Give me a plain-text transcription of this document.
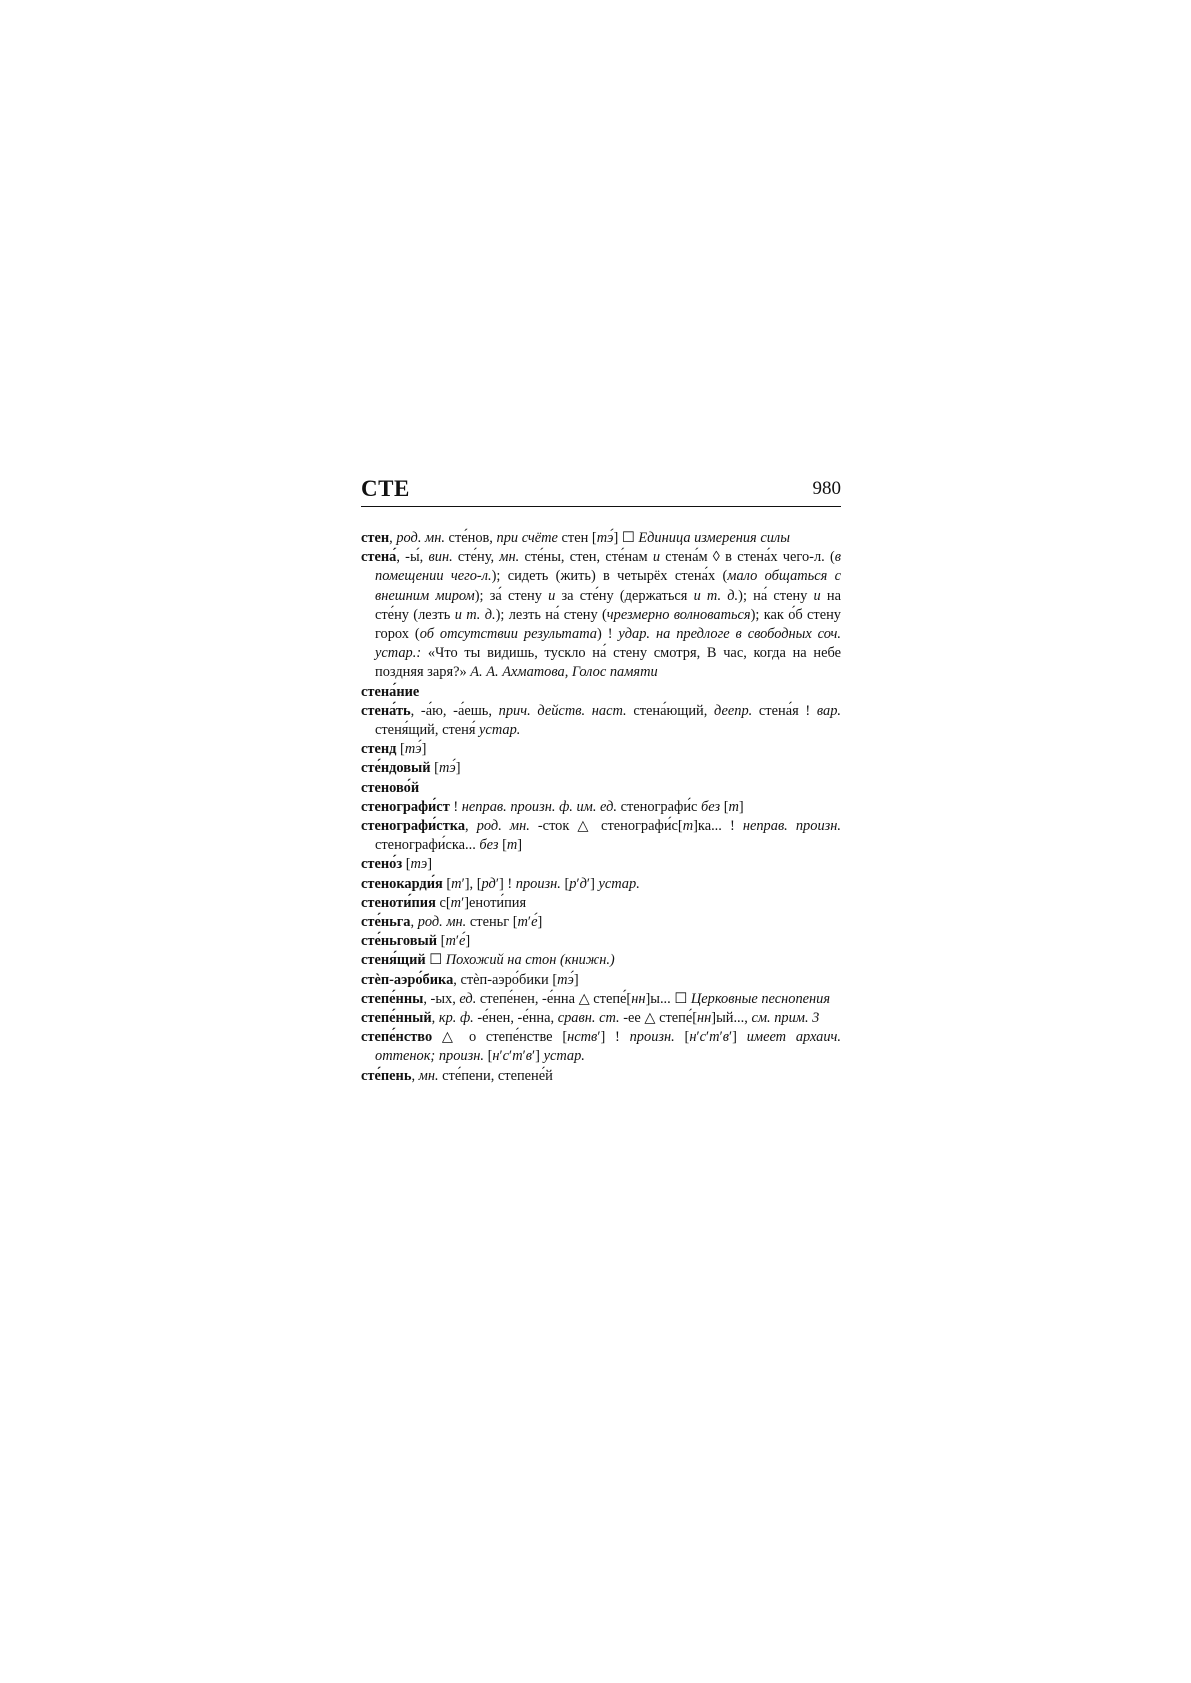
СТЕ	980
стен, род. мн. сте́нов, при счёте стен [тэ́] ☐ Единица измерения силы
стена́, -ы́, вин. сте́ну, мн. сте́ны, стен, сте́нам и стена́м ◊ в стена́х чего-л. (в помещении чего-л.); сидеть (жить) в четырёх стена́х (мало общаться с внешним миром); за́ стену и за сте́ну (держаться и т. д.); на́ стену и на сте́ну (лезть и т. д.); лезть на́ стену (чрезмерно волноваться); как о́б стену горох (об отсутствии результата) ! удар. на предлоге в свободных соч. устар.: «Что ты видишь, тускло на́ стену смотря, В час, когда на небе поздняя заря?» А. А. Ахматова, Голос памяти
стена́ние
стена́ть, -а́ю, -а́ешь, прич. действ. наст. стена́ющий, деепр. стена́я ! вар. стеня́щий, стеня́ устар.
стенд [тэ́]
сте́ндовый [тэ́]
стеново́й
стенографи́ст ! неправ. произн. ф. им. ед. стенографи́с без [т]
стенографи́стка, род. мн. -сток △ стенографи́с[т]ка... ! неправ. произн. стенографи́ска... без [т]
стено́з [тэ]
стенокарди́я [тʹ], [рдʹ] ! произн. [рʹдʹ] устар.
стеноти́пия с[тʹ]еноти́пия
сте́ньга, род. мн. стеньг [тʹе́]
сте́ньговый [тʹе́]
стеня́щий ☐ Похожий на стон (книжн.)
стѐп-аэро́бика, стѐп-аэро́бики [тэ́]
степе́нны, -ых, ед. степе́нен, -е́нна △ степе́[нн]ы... ☐ Церковные песнопения
степе́нный, кр. ф. -е́нен, -е́нна, сравн. ст. -ее △ степе́[нн]ый..., см. прим. 3
степе́нство △ о степе́нстве [нствʹ] ! произн. [нʹсʹтʹвʹ] имеет архаич. оттенок; произн. [нʹсʹтʹвʹ] устар.
сте́пень, мн. сте́пени, степене́й
